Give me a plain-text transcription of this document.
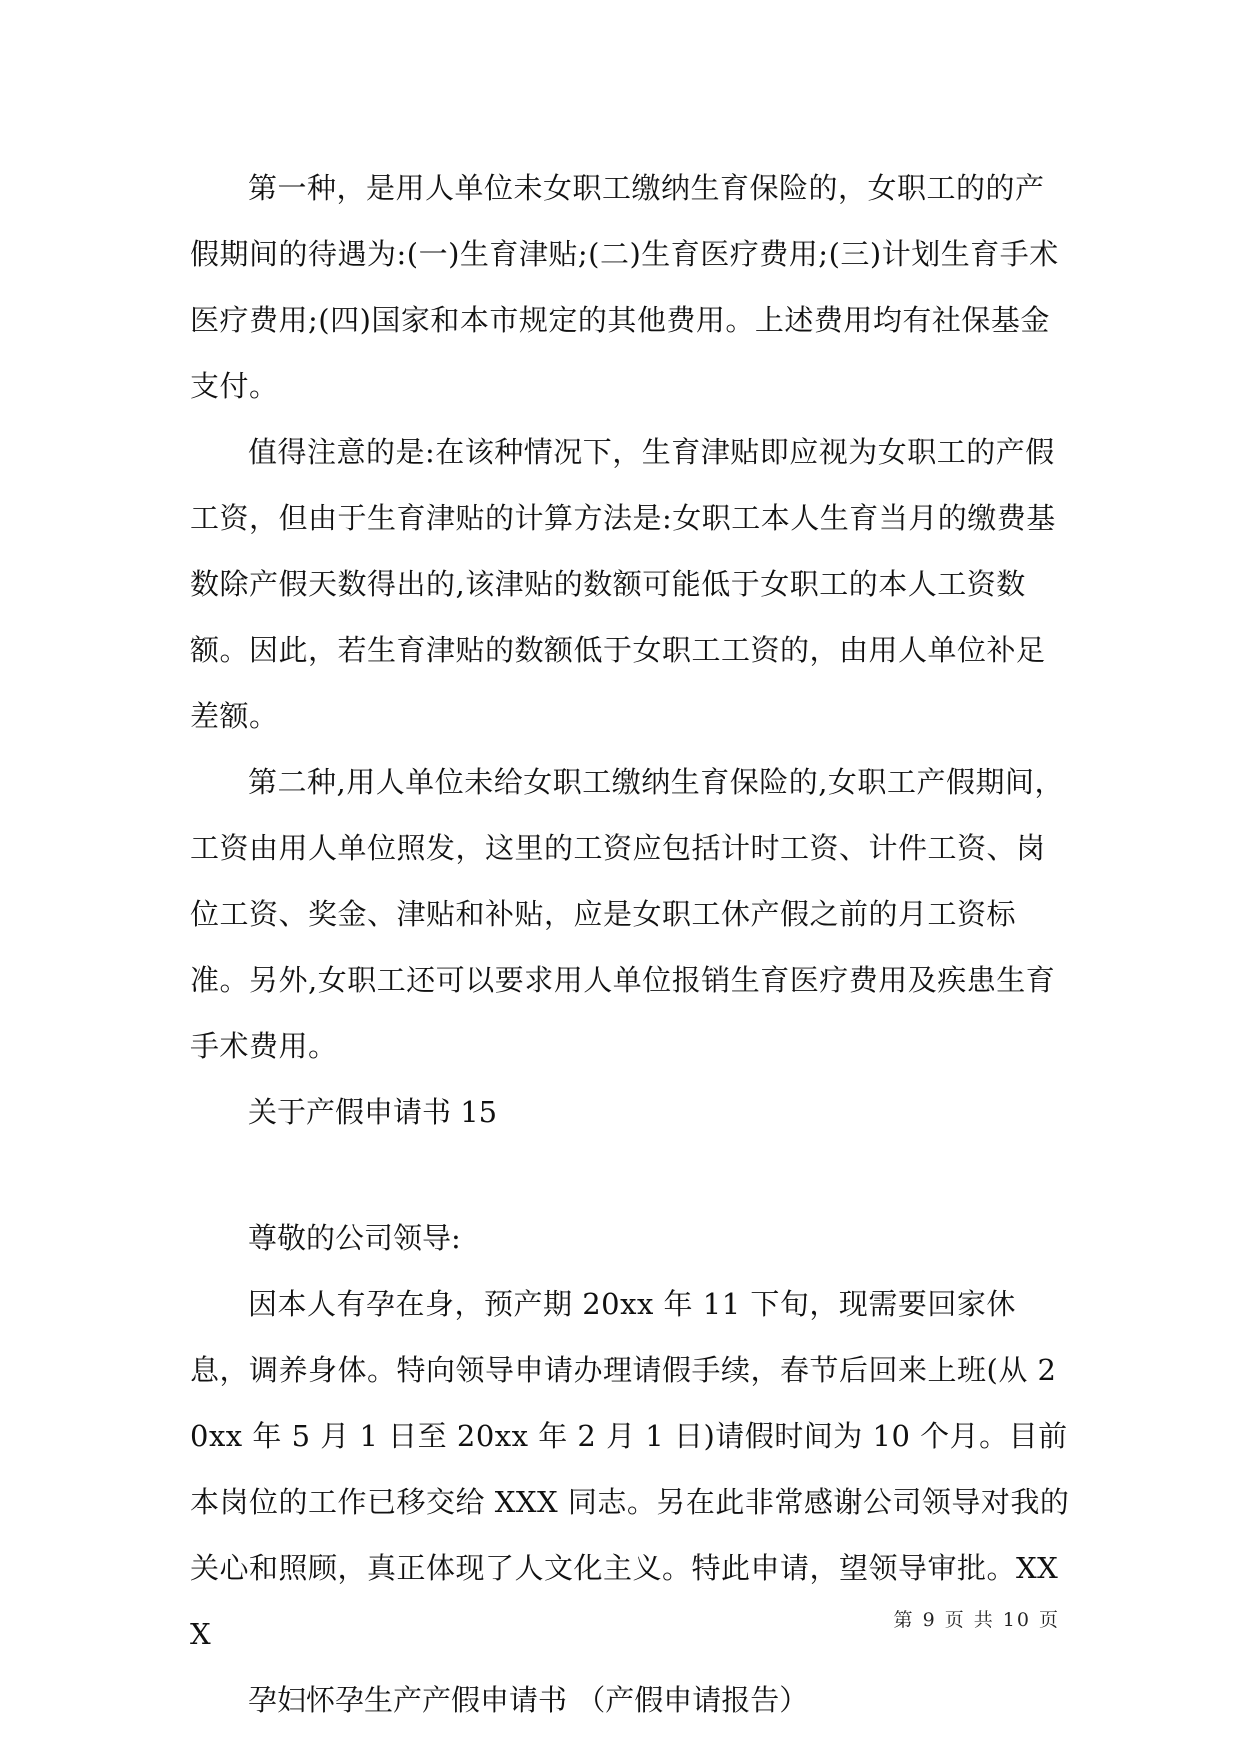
第一种，是用人单位未女职工缴纳生育保险的，女职工的的产假期间的待遇为:(一)生育津贴;(二)生育医疗费用;(三)计划生育手术医疗费用;(四)国家和本市规定的其他费用。上述费用均有社保基金支付。

值得注意的是:在该种情况下，生育津贴即应视为女职工的产假工资，但由于生育津贴的计算方法是:女职工本人生育当月的缴费基数除产假天数得出的,该津贴的数额可能低于女职工的本人工资数额。因此，若生育津贴的数额低于女职工工资的，由用人单位补足差额。

第二种,用人单位未给女职工缴纳生育保险的,女职工产假期间，工资由用人单位照发，这里的工资应包括计时工资、计件工资、岗位工资、奖金、津贴和补贴，应是女职工休产假之前的月工资标准。另外,女职工还可以要求用人单位报销生育医疗费用及疾患生育手术费用。

关于产假申请书 15

尊敬的公司领导:

因本人有孕在身，预产期 20xx 年 11 下旬，现需要回家休息，调养身体。特向领导申请办理请假手续，春节后回来上班(从 20xx 年 5 月 1 日至 20xx 年 2 月 1 日)请假时间为 10 个月。目前本岗位的工作已移交给 XXX 同志。另在此非常感谢公司领导对我的关心和照顾，真正体现了人文化主义。特此申请，望领导审批。XXX

孕妇怀孕生产产假申请书 （产假申请报告）

第 9 页 共 10 页
